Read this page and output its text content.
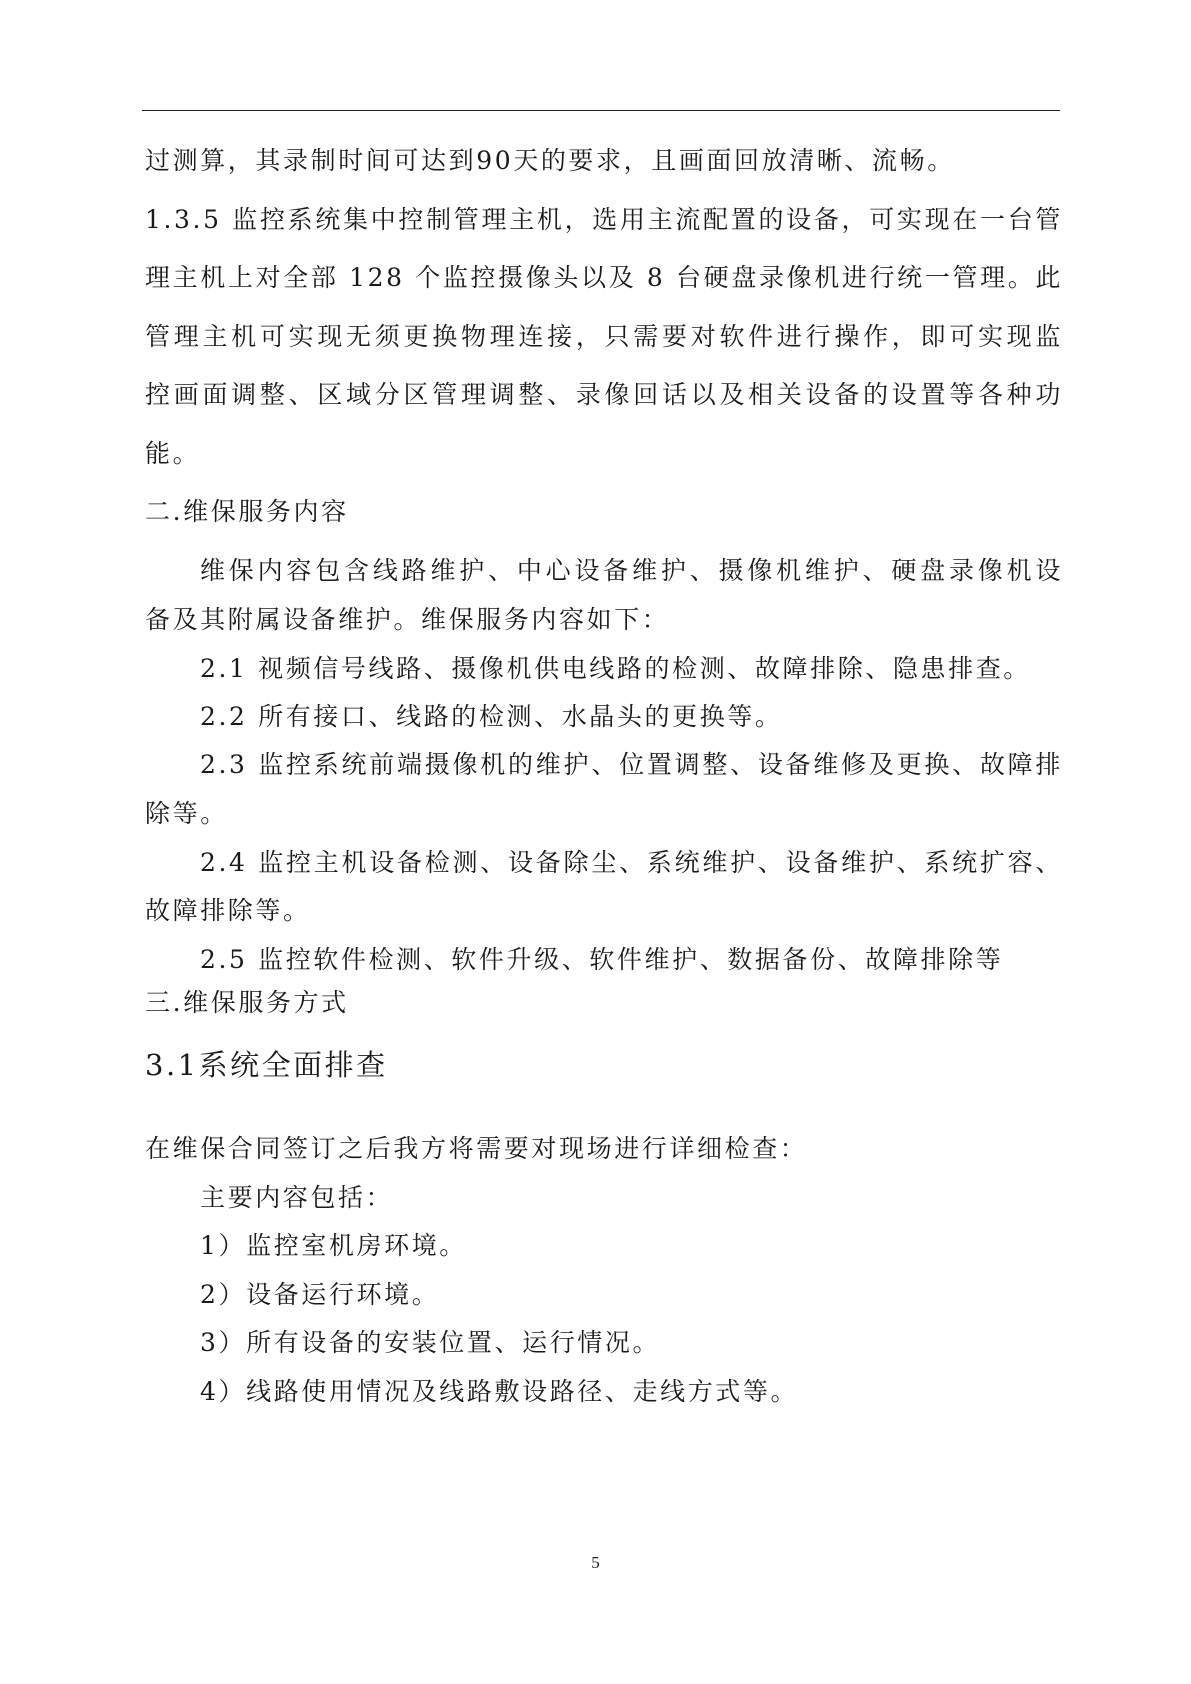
过测算，其录制时间可达到90天的要求，且画面回放清晰、流畅。
1.3.5 监控系统集中控制管理主机，选用主流配置的设备，可实现在一台管
理主机上对全部 128 个监控摄像头以及 8 台硬盘录像机进行统一管理。此
管理主机可实现无须更换物理连接，只需要对软件进行操作，即可实现监
控画面调整、区域分区管理调整、录像回话以及相关设备的设置等各种功
能。
二.维保服务内容
维保内容包含线路维护、中心设备维护、摄像机维护、硬盘录像机设
备及其附属设备维护。维保服务内容如下：
2.1 视频信号线路、摄像机供电线路的检测、故障排除、隐患排查。
2.2 所有接口、线路的检测、水晶头的更换等。
2.3 监控系统前端摄像机的维护、位置调整、设备维修及更换、故障排
除等。
2.4 监控主机设备检测、设备除尘、系统维护、设备维护、系统扩容、
故障排除等。
2.5 监控软件检测、软件升级、软件维护、数据备份、故障排除等
三.维保服务方式
3.1系统全面排查
在维保合同签订之后我方将需要对现场进行详细检查：
主要内容包括：
1）监控室机房环境。
2）设备运行环境。
3）所有设备的安装位置、运行情况。
4）线路使用情况及线路敷设路径、走线方式等。
5
